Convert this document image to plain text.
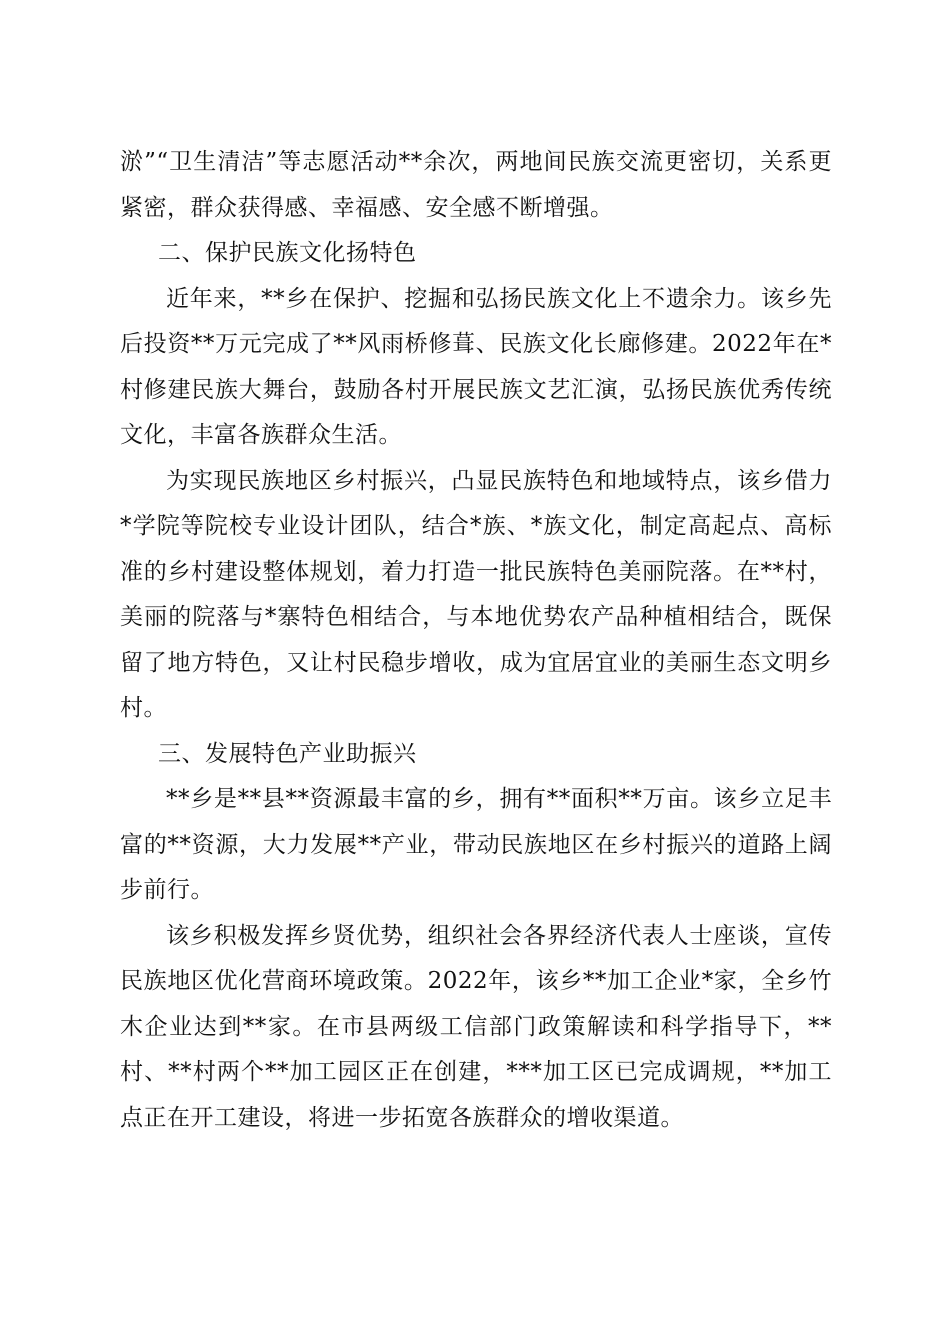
淤”“卫生清洁”等志愿活动**余次，两地间民族交流更密切，关系更紧密，群众获得感、幸福感、安全感不断增强。

二、保护民族文化扬特色

近年来，**乡在保护、挖掘和弘扬民族文化上不遗余力。该乡先后投资**万元完成了**风雨桥修葺、民族文化长廊修建。2022年在*村修建民族大舞台，鼓励各村开展民族文艺汇演，弘扬民族优秀传统文化，丰富各族群众生活。

为实现民族地区乡村振兴，凸显民族特色和地域特点，该乡借力*学院等院校专业设计团队，结合*族、*族文化，制定高起点、高标准的乡村建设整体规划，着力打造一批民族特色美丽院落。在**村，美丽的院落与*寨特色相结合，与本地优势农产品种植相结合，既保留了地方特色，又让村民稳步增收，成为宜居宜业的美丽生态文明乡村。

三、发展特色产业助振兴

**乡是**县**资源最丰富的乡，拥有**面积**万亩。该乡立足丰富的**资源，大力发展**产业，带动民族地区在乡村振兴的道路上阔步前行。

该乡积极发挥乡贤优势，组织社会各界经济代表人士座谈，宣传民族地区优化营商环境政策。2022年，该乡**加工企业*家，全乡竹木企业达到**家。在市县两级工信部门政策解读和科学指导下，**村、**村两个**加工园区正在创建，***加工区已完成调规，**加工点正在开工建设，将进一步拓宽各族群众的增收渠道。
